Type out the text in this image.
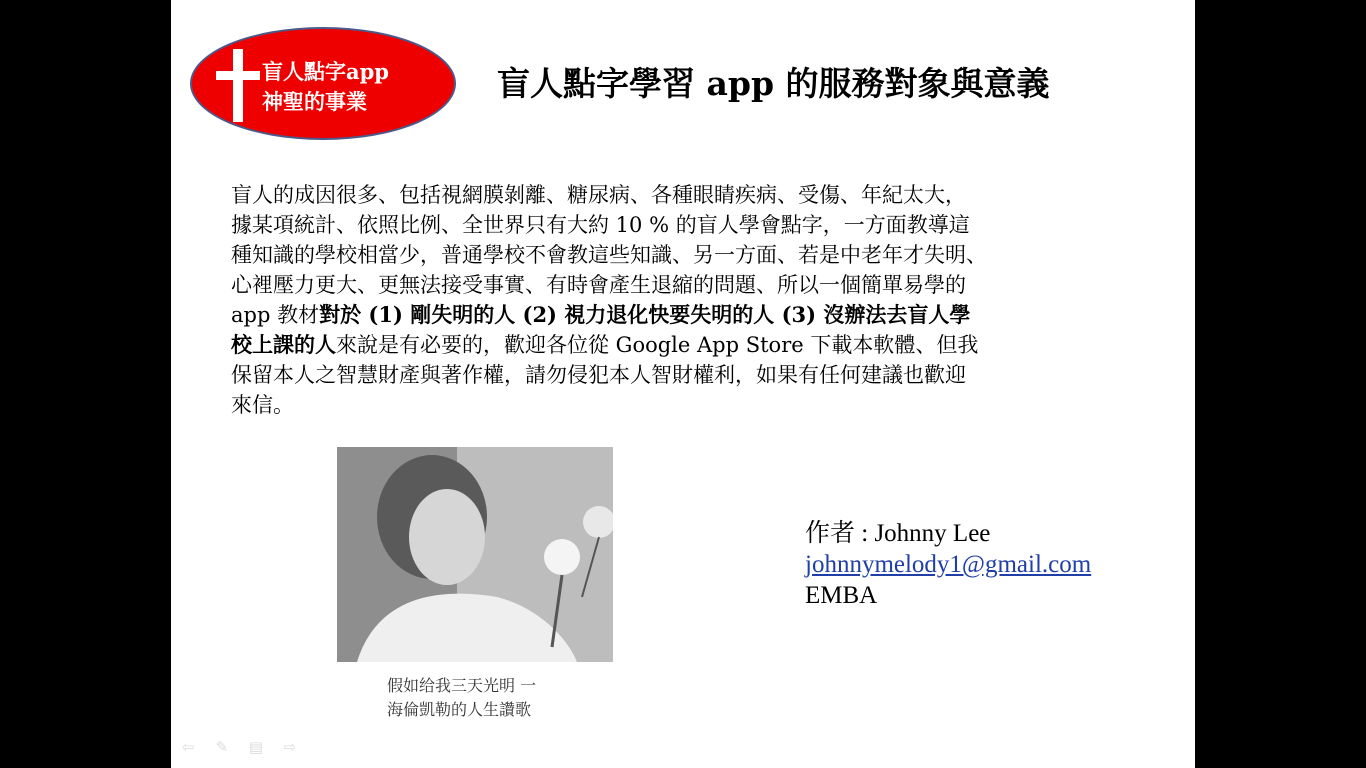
盲人點字app
神聖的事業	盲人點字學習 app 的服務對象與意義
盲人的成因很多、包括視網膜剝離、糖尿病、各種眼睛疾病、受傷、年紀太大，
據某項統計、依照比例、全世界只有大約 10 % 的盲人學會點字，一方面教導這
種知識的學校相當少，普通學校不會教這些知識、另一方面、若是中老年才失明、
心裡壓力更大、更無法接受事實、有時會產生退縮的問題、所以一個簡單易學的
app 教材對於 (1) 剛失明的人 (2) 視力退化快要失明的人 (3) 沒辦法去盲人學
校上課的人來說是有必要的，歡迎各位從 Google App Store 下載本軟體、但我
保留本人之智慧財產與著作權，請勿侵犯本人智財權利，如果有任何建議也歡迎
來信。
假如给我三天光明 一
海倫凱勒的人生讚歌
作者 : Johnny Lee
johnnymelody1@gmail.com
EMBA
⇦ ✎ ▤ ⇨
